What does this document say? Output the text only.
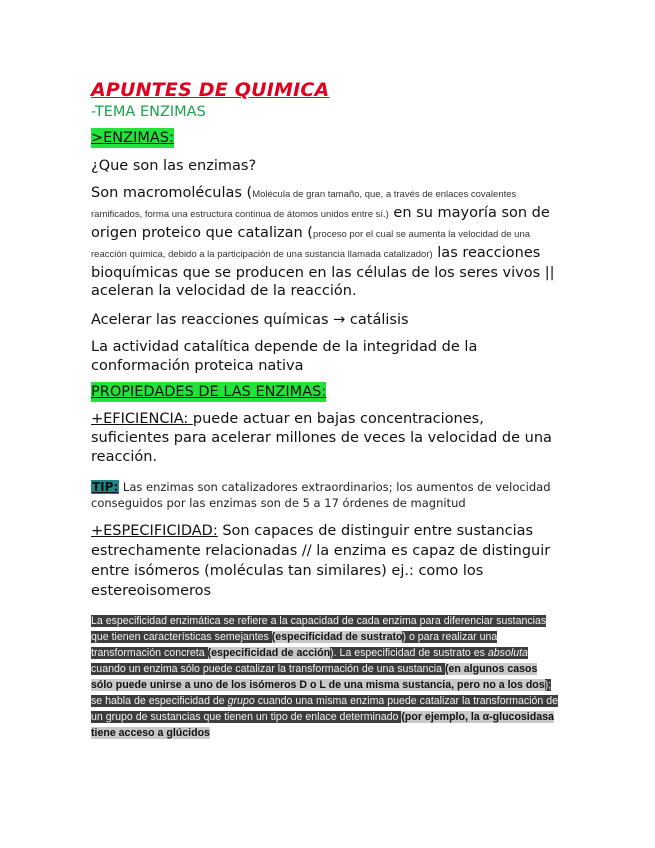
APUNTES DE QUIMICA
-TEMA ENZIMAS
>ENZIMAS:

¿Que son las enzimas?

Son macromoléculas (Molécula de gran tamaño, que, a través de enlaces covalentes ramificados, forma una estructura continua de átomos unidos entre sí.) en su mayoría son de origen proteico que catalizan (proceso por el cual se aumenta la velocidad de una reacción química, debido a la participación de una sustancia llamada catalizador) las reacciones bioquímicas que se producen en las células de los seres vivos || aceleran la velocidad de la reacción.

Acelerar las reacciones químicas → catálisis

La actividad catalítica depende de la integridad de la conformación proteica nativa

PROPIEDADES DE LAS ENZIMAS:

+EFICIENCIA: puede actuar en bajas concentraciones, suficientes para acelerar millones de veces la velocidad de una reacción.

TIP: Las enzimas son catalizadores extraordinarios; los aumentos de velocidad conseguidos por las enzimas son de 5 a 17 órdenes de magnitud

+ESPECIFICIDAD: Son capaces de distinguir entre sustancias estrechamente relacionadas // la enzima es capaz de distinguir entre isómeros (moléculas tan similares) ej.: como los estereoisomeros

La especificidad enzimática se refiere a la capacidad de cada enzima para diferenciar sustancias que tienen características semejantes (especificidad de sustrato) o para realizar una transformación concreta (especificidad de acción). La especificidad de sustrato es absoluta cuando un enzima sólo puede catalizar la transformación de una sustancia (en algunos casos sólo puede unirse a uno de los isómeros D o L de una misma sustancia, pero no a los dos); se habla de especificidad de grupo cuando una misma enzima puede catalizar la transformación de un grupo de sustancias que tienen un tipo de enlace determinado (por ejemplo, la α-glucosidasa tiene acceso a glúcidos
